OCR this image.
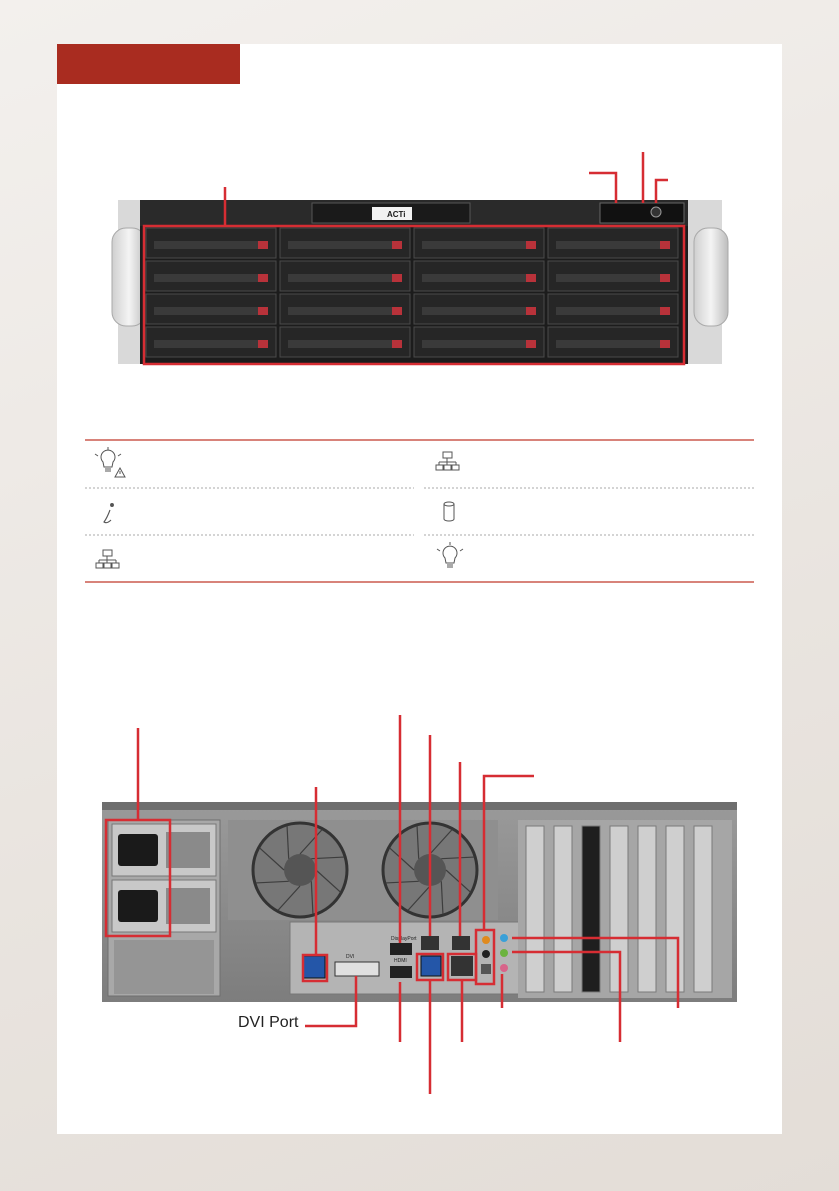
ACTi
DisplayPort
HDMI
DVI
DVI Port
